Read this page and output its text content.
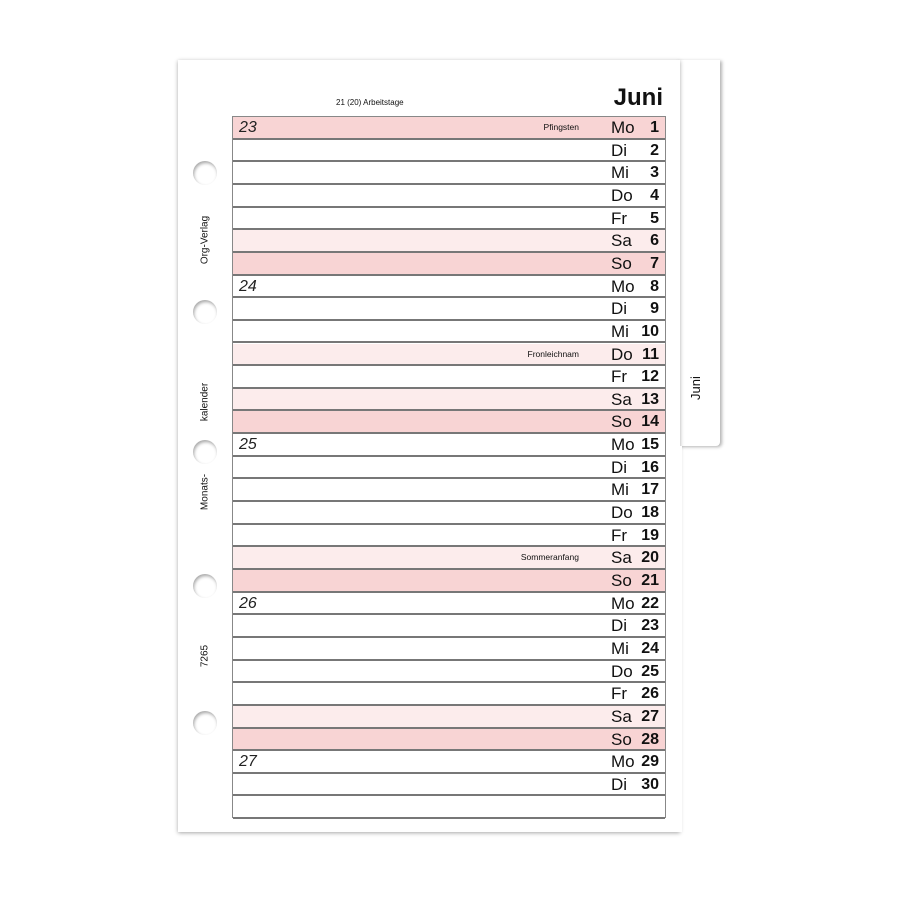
Juni
Org-Verlag
kalender
Monats-
7265
Juni
21 (20) Arbeitstage
23	Pfingsten Mo 1
Di 2
Mi 3
Do 4
Fr 5
Sa 6
So 7
24	Mo 8
Di 9
Mi 10
Fronleichnam Do 11
Fr 12
Sa 13
So 14
25	Mo 15
Di 16
Mi 17
Do 18
Fr 19
Sommeranfang Sa 20
So 21
26	Mo 22
Di 23
Mi 24
Do 25
Fr 26
Sa 27
So 28
27	Mo 29
Di 30
